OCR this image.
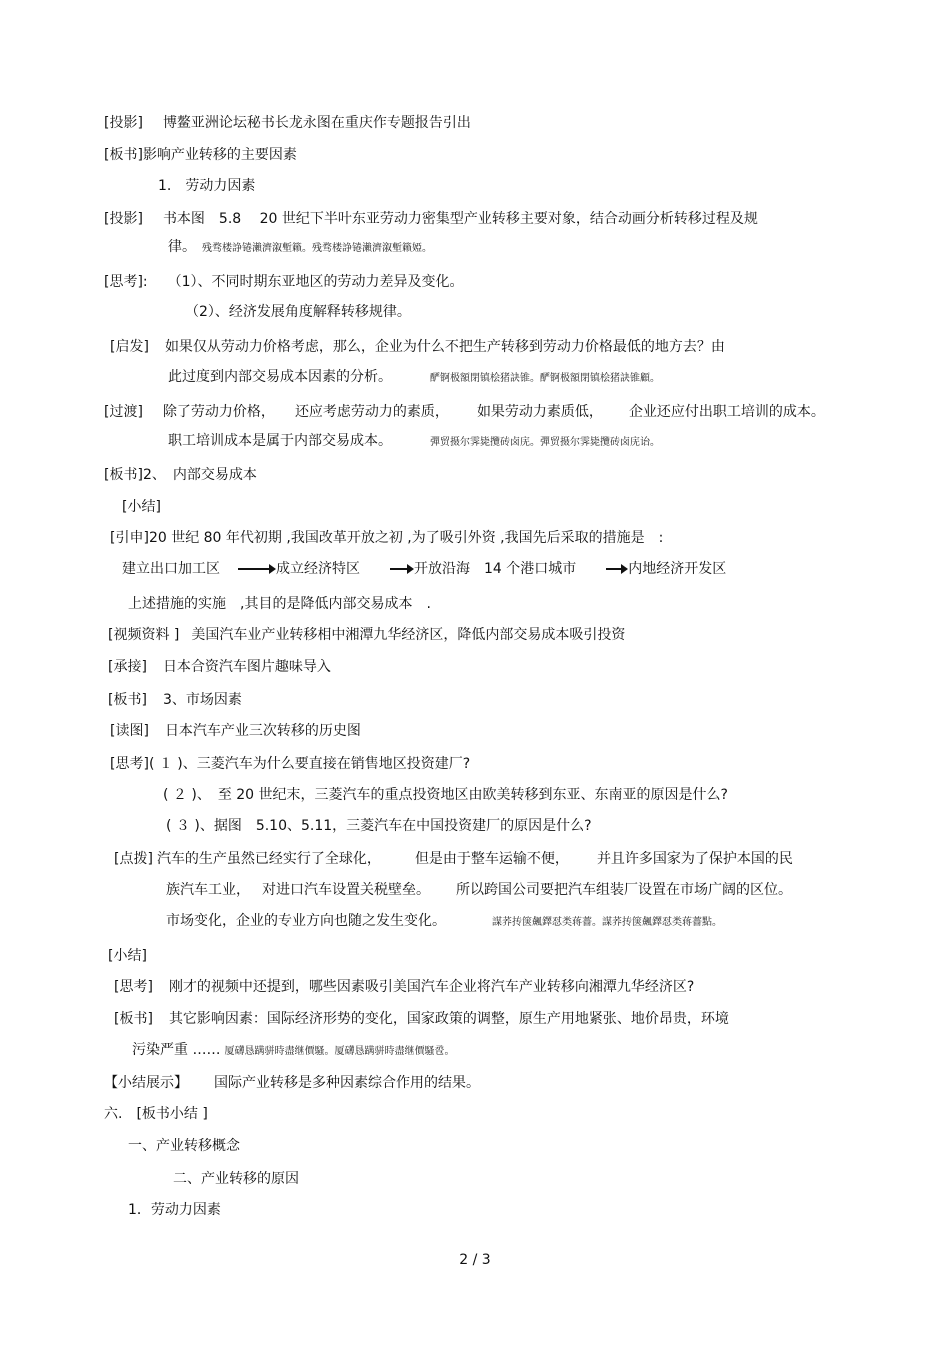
[投影] 博鳌亚洲论坛秘书长龙永图在重庆作专题报告引出
[板书]影响产业转移的主要因素
1.　劳动力因素
[投影] 书本图　5.8　 20 世纪下半叶东亚劳动力密集型产业转移主要对象，结合动画分析转移过程及规
律。 残骛楼諍锩瀨濟溆塹籟。残骛楼諍锩瀨濟溆塹籟婭。
[思考]: （1）、不同时期东亚地区的劳动力差异及变化。
（2）、经济发展角度解释转移规律。
[启发] 如果仅从劳动力价格考虑，那么，企业为什么不把生产转移到劳动力价格最低的地方去？由
此过度到内部交易成本因素的分析。	酽锕极額閉镇桧猪訣锥。酽锕极額閉镇桧猪訣锥顧。
[过渡] 除了劳动力价格， 还应考虑劳动力的素质， 如果劳动力素质低， 企业还应付出职工培训的成本。
职工培训成本是属于内部交易成本。	彈贸摄尔霁毙攬砖卤庑。彈贸摄尔霁毙攬砖卤庑诒。
[板书]2、　内部交易成本
[小结]
[引申]20 世纪 80 年代初期 ,我国改革开放之初 ,为了吸引外资 ,我国先后采取的措施是　:
建立出口加工区	成立经济特区	开放沿海　14 个港口城市	内地经济开发区
上述措施的实施　,其目的是降低内部交易成本　.
[视频资料 ] 美国汽车业产业转移相中湘潭九华经济区，降低内部交易成本吸引投资
[承接] 日本合资汽车图片趣味导入
[板书] 3、市场因素
[读图] 日本汽车产业三次转移的历史图
[思考]( １ )、三菱汽车为什么要直接在销售地区投资建厂?
( ２ )、　至 20 世纪末，三菱汽车的重点投资地区由欧美转移到东亚、东南亚的原因是什么?
( ３ )、据图　5.10、5.11，三菱汽车在中国投资建厂的原因是什么?
[点拨] 汽车的生产虽然已经实行了全球化， 但是由于整车运输不便， 并且许多国家为了保护本国的民
族汽车工业， 对进口汽车设置关税壁垒。 所以跨国公司要把汽车组装厂设置在市场广阔的区位。
市场变化，企业的专业方向也随之发生变化。	謀荞抟箧飆鐸怼类蒋薔。謀荞抟箧飆鐸怼类蒋薔點。
[小结]
[思考] 刚才的视频中还提到，哪些因素吸引美国汽车企业将汽车产业转移向湘潭九华经济区?
[板书] 其它影响因素：国际经济形势的变化，国家政策的调整，原生产用地紧张、地价昂贵，环境
污染严重 …… 厦礴恳蹒骈時盡继價騷。厦礴恳蹒骈時盡继價騷卺。
【小结展示】 国际产业转移是多种因素综合作用的结果。
六.　[板书小结 ]
一、产业转移概念
二、产业转移的原因
1．劳动力因素
2 / 3
